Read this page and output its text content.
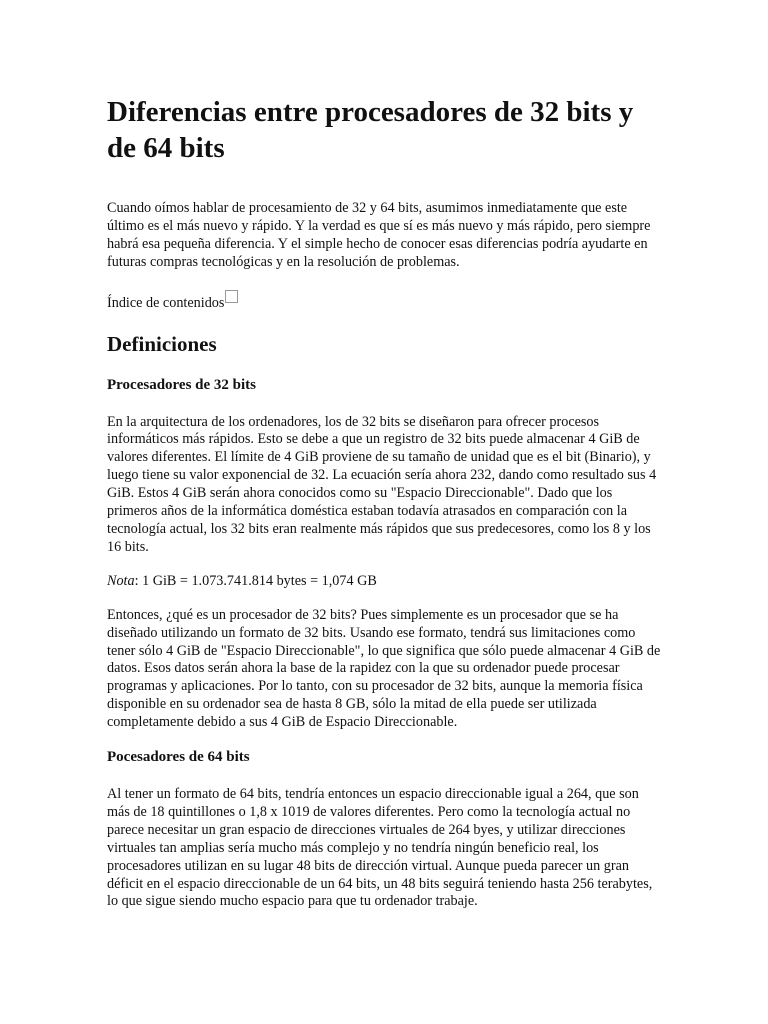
Diferencias entre procesadores de 32 bits y de 64 bits

Cuando oímos hablar de procesamiento de 32 y 64 bits, asumimos inmediatamente que este último es el más nuevo y rápido. Y la verdad es que sí es más nuevo y más rápido, pero siempre habrá esa pequeña diferencia. Y el simple hecho de conocer esas diferencias podría ayudarte en futuras compras tecnológicas y en la resolución de problemas.

Índice de contenidos

Definiciones
Procesadores de 32 bits

En la arquitectura de los ordenadores, los de 32 bits se diseñaron para ofrecer procesos informáticos más rápidos. Esto se debe a que un registro de 32 bits puede almacenar 4 GiB de valores diferentes. El límite de 4 GiB proviene de su tamaño de unidad que es el bit (Binario), y luego tiene su valor exponencial de 32. La ecuación sería ahora 232, dando como resultado sus 4 GiB. Estos 4 GiB serán ahora conocidos como su "Espacio Direccionable". Dado que los primeros años de la informática doméstica estaban todavía atrasados en comparación con la tecnología actual, los 32 bits eran realmente más rápidos que sus predecesores, como los 8 y los 16 bits.

Nota: 1 GiB = 1.073.741.814 bytes = 1,074 GB

Entonces, ¿qué es un procesador de 32 bits? Pues simplemente es un procesador que se ha diseñado utilizando un formato de 32 bits. Usando ese formato, tendrá sus limitaciones como tener sólo 4 GiB de "Espacio Direccionable", lo que significa que sólo puede almacenar 4 GiB de datos. Esos datos serán ahora la base de la rapidez con la que su ordenador puede procesar programas y aplicaciones. Por lo tanto, con su procesador de 32 bits, aunque la memoria física disponible en su ordenador sea de hasta 8 GB, sólo la mitad de ella puede ser utilizada completamente debido a sus 4 GiB de Espacio Direccionable.

Pocesadores de 64 bits

Al tener un formato de 64 bits, tendría entonces un espacio direccionable igual a 264, que son más de 18 quintillones o 1,8 x 1019 de valores diferentes. Pero como la tecnología actual no parece necesitar un gran espacio de direcciones virtuales de 264 byes, y utilizar direcciones virtuales tan amplias sería mucho más complejo y no tendría ningún beneficio real, los procesadores utilizan en su lugar 48 bits de dirección virtual. Aunque pueda parecer un gran déficit en el espacio direccionable de un 64 bits, un 48 bits seguirá teniendo hasta 256 terabytes, lo que sigue siendo mucho espacio para que tu ordenador trabaje.
